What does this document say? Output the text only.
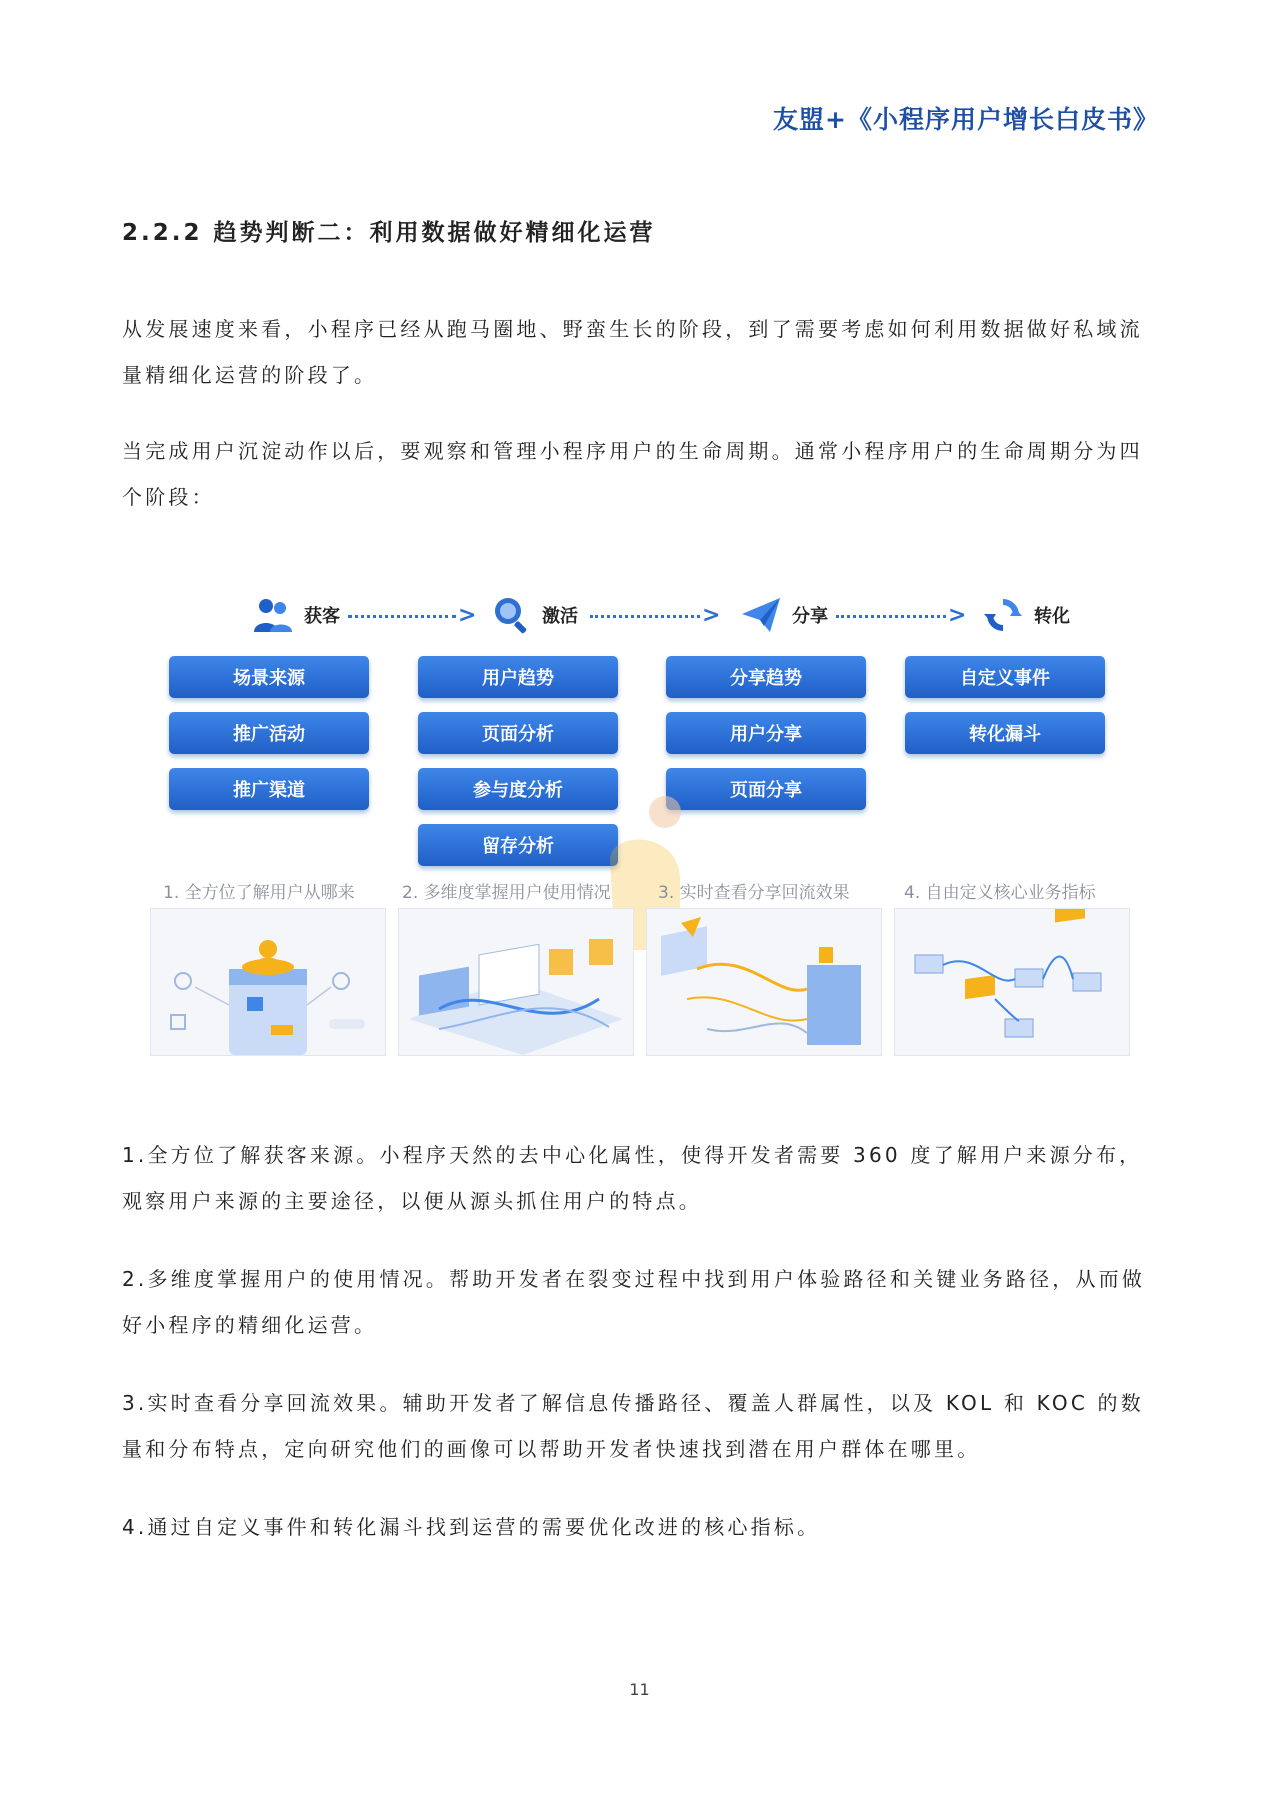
友盟+《小程序用户增长白皮书》
2.2.2 趋势判断二：利用数据做好精细化运营

从发展速度来看，小程序已经从跑马圈地、野蛮生长的阶段，到了需要考虑如何利用数据做好私域流量精细化运营的阶段了。

当完成用户沉淀动作以后，要观察和管理小程序用户的生命周期。通常小程序用户的生命周期分为四个阶段：

获客	>	激活	>	分享	>	转化
场景来源
推广活动
推广渠道
用户趋势
页面分析
参与度分析
留存分析
分享趋势
用户分享
页面分享
自定义事件
转化漏斗
1. 全方位了解用户从哪来	2. 多维度掌握用户使用情况	3. 实时查看分享回流效果	4. 自由定义核心业务指标

1.全方位了解获客来源。小程序天然的去中心化属性，使得开发者需要 360 度了解用户来源分布，观察用户来源的主要途径，以便从源头抓住用户的特点。

2.多维度掌握用户的使用情况。帮助开发者在裂变过程中找到用户体验路径和关键业务路径，从而做好小程序的精细化运营。

3.实时查看分享回流效果。辅助开发者了解信息传播路径、覆盖人群属性，以及 KOL 和 KOC 的数量和分布特点，定向研究他们的画像可以帮助开发者快速找到潜在用户群体在哪里。

4.通过自定义事件和转化漏斗找到运营的需要优化改进的核心指标。

11
